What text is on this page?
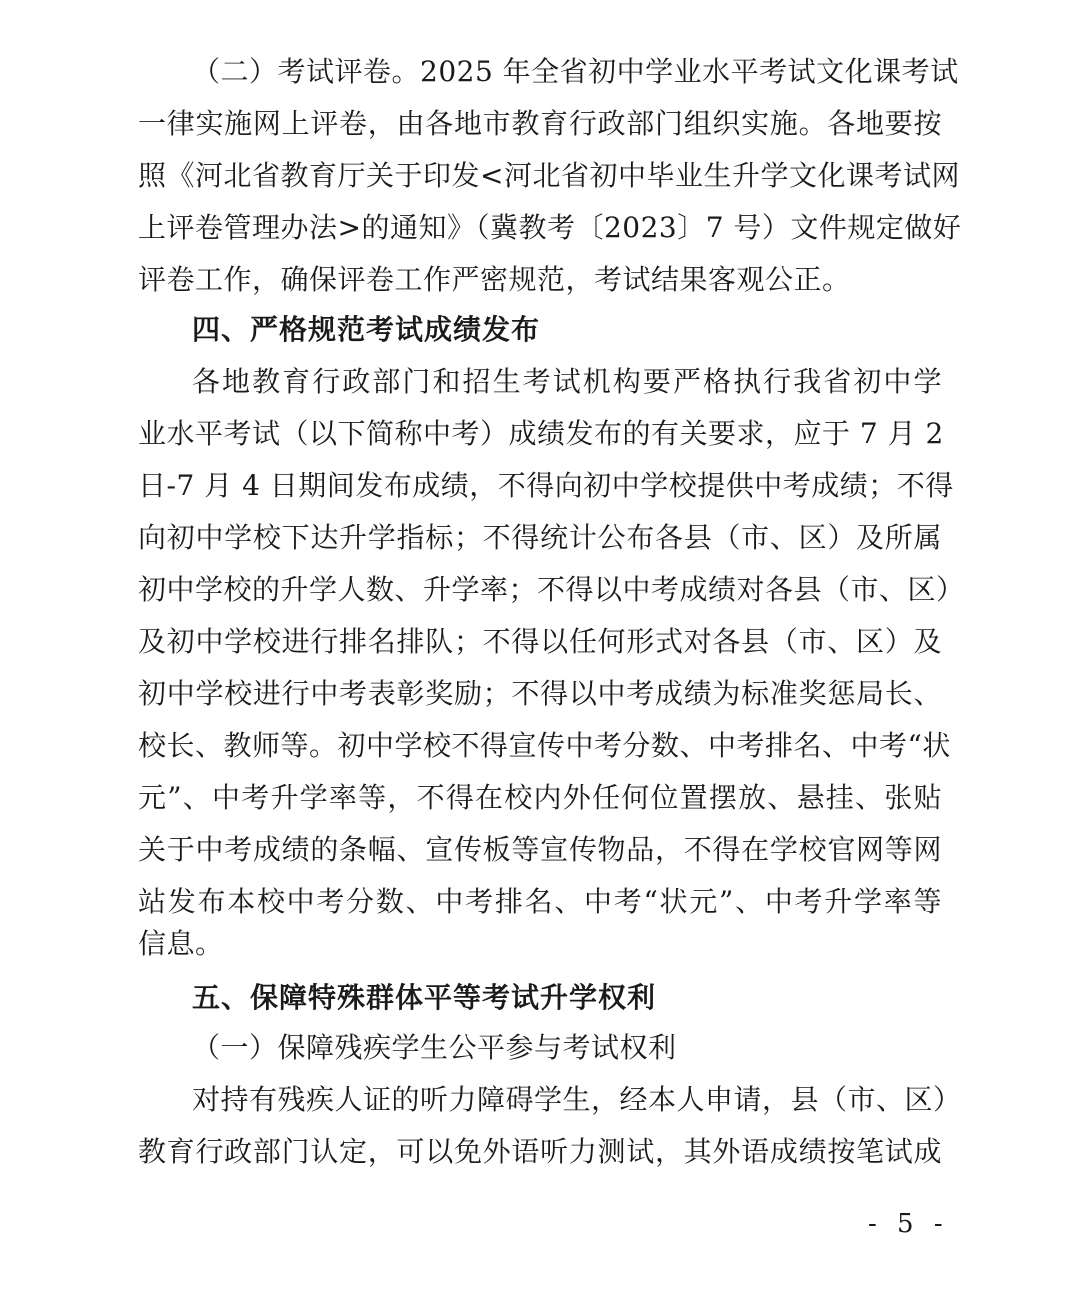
（二）考试评卷。2025 年全省初中学业水平考试文化课考试
一律实施网上评卷，由各地市教育行政部门组织实施。各地要按
照《河北省教育厅关于印发<河北省初中毕业生升学文化课考试网
上评卷管理办法>的通知》（冀教考〔2023〕7 号）文件规定做好
评卷工作，确保评卷工作严密规范，考试结果客观公正。
四、严格规范考试成绩发布
各地教育行政部门和招生考试机构要严格执行我省初中学
业水平考试（以下简称中考）成绩发布的有关要求，应于 7 月 2
日-7 月 4 日期间发布成绩，不得向初中学校提供中考成绩；不得
向初中学校下达升学指标；不得统计公布各县（市、区）及所属
初中学校的升学人数、升学率；不得以中考成绩对各县（市、区）
及初中学校进行排名排队；不得以任何形式对各县（市、区）及
初中学校进行中考表彰奖励；不得以中考成绩为标准奖惩局长、
校长、教师等。初中学校不得宣传中考分数、中考排名、中考“状
元”、中考升学率等，不得在校内外任何位置摆放、悬挂、张贴
关于中考成绩的条幅、宣传板等宣传物品，不得在学校官网等网
站发布本校中考分数、中考排名、中考“状元”、中考升学率等
信息。
五、保障特殊群体平等考试升学权利
（一）保障残疾学生公平参与考试权利
对持有残疾人证的听力障碍学生，经本人申请，县（市、区）
教育行政部门认定，可以免外语听力测试，其外语成绩按笔试成
- 5 -
